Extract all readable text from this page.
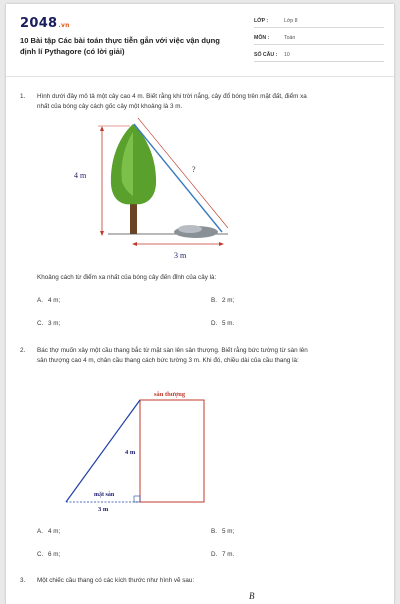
2048.vn
10 Bài tập Các bài toán thực tiễn gắn với việc vận dụng
định lí Pythagore (có lời giải)
LỚP :	Lớp 8
MÔN :	Toán
SỐ CÂU : 10
1. Hình dưới đây mô tả một cây cao 4 m. Biết rằng khi trời nắng, cây đổ bóng trên mặt đất, điểm xa
nhất của bóng cây cách gốc cây một khoảng là 3 m.
4 m
?
3 m
Khoảng cách từ điểm xa nhất của bóng cây đến đỉnh của cây là:
A. 4 m;	B. 2 m;
C. 3 m;	D. 5 m.
2. Bác thợ muốn xây một cầu thang bắc từ mặt sàn lên sân thượng. Biết rằng bức tường từ sàn lên
sân thượng cao 4 m, chân cầu thang cách bức tường 3 m. Khi đó, chiều dài của cầu thang là:
sân thượng
4 m
mặt sàn
3 m
A. 4 m;	B. 5 m;
C. 6 m;	D. 7 m.
3. Một chiếc cầu thang có các kích thước như hình vẽ sau:
B
